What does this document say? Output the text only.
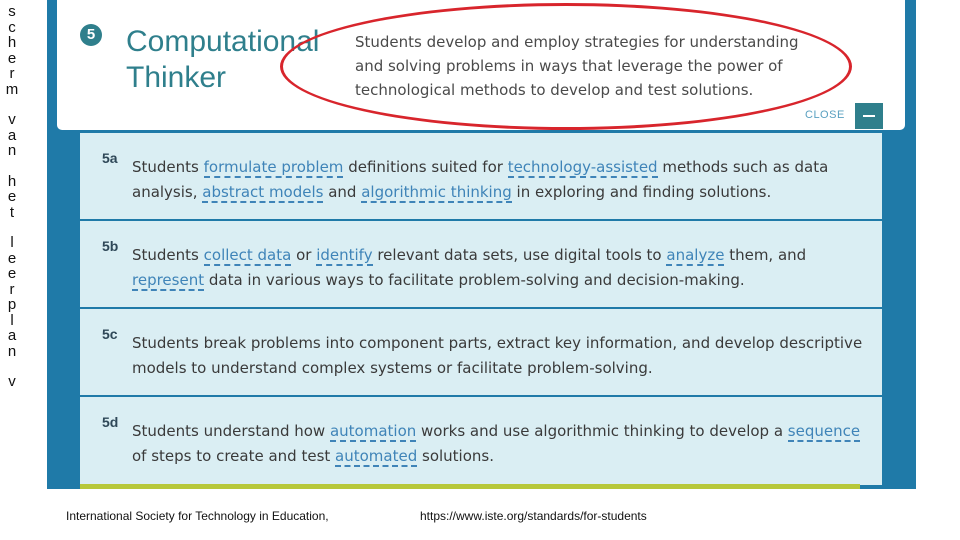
s
c
h
e
r
m
v
a
n
h
e
t
l
e
e
r
p
l
a
n
v
5 Computational
Thinker

Students develop and employ strategies for understanding and solving problems in ways that leverage the power of technological methods to develop and test solutions.

CLOSE
5a Students formulate problem definitions suited for technology-assisted methods such as data analysis, abstract models and algorithmic thinking in exploring and finding solutions.

5b Students collect data or identify relevant data sets, use digital tools to analyze them, and represent data in various ways to facilitate problem-solving and decision-making.

5c Students break problems into component parts, extract key information, and develop descriptive models to understand complex systems or facilitate problem-solving.

5d Students understand how automation works and use algorithmic thinking to develop a sequence of steps to create and test automated solutions.

International Society for Technology in Education,	https://www.iste.org/standards/for-students
